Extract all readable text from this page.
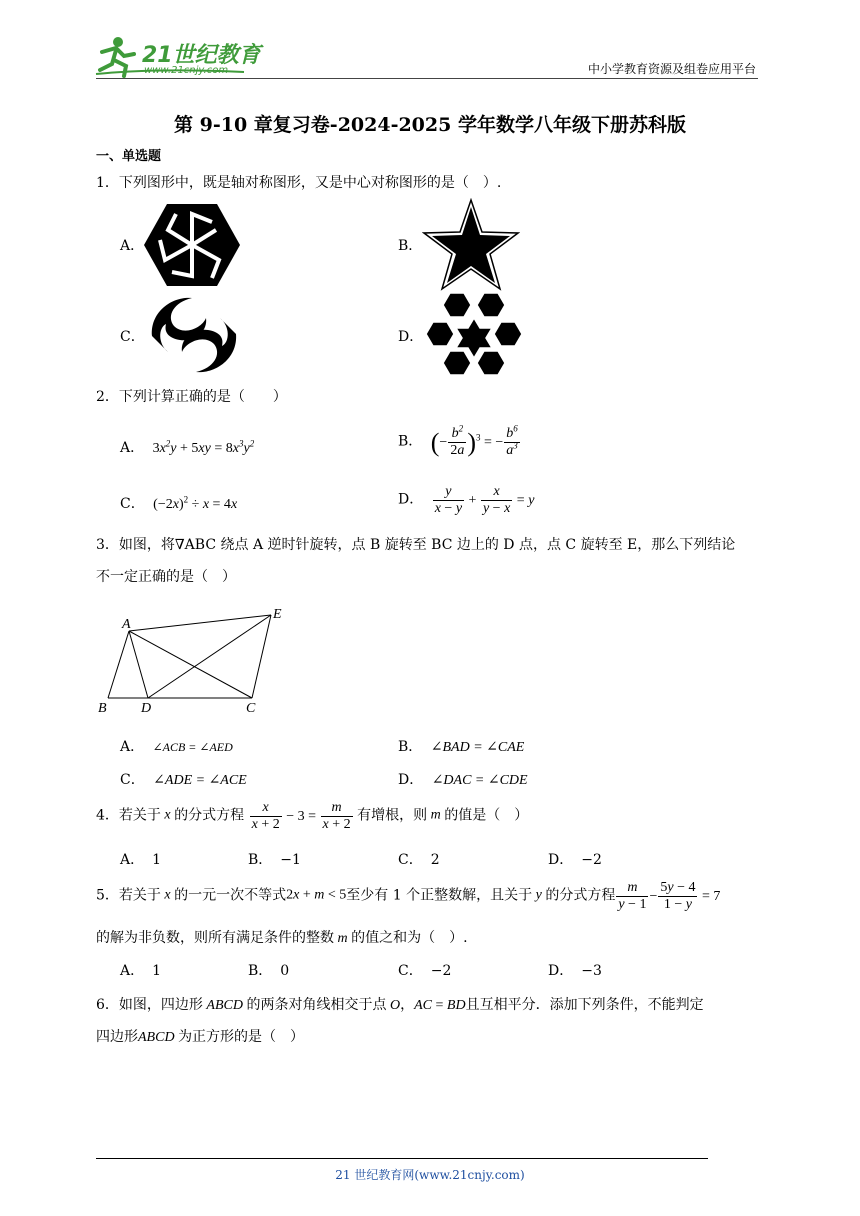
21世纪教育
www.21cnjy.com	中小学教育资源及组卷应用平台
第 9-10 章复习卷-2024-2025 学年数学八年级下册苏科版
一、单选题
1．下列图形中，既是轴对称图形，又是中心对称图形的是（　）.
A．	B．
C．	D．
2．下列计算正确的是（　　）
A． $3x^2y + 5xy = 8x^3y^2$	B． (− $\frac{b^2}{2a} )^3$ = − $\frac{b^6}{a^3}$
C． $(-2x)^2 \div x = 4x$	D． $\frac{y}{x - y} + \frac{x}{y - x} = y$
3．如图，将∇ABC 绕点 A 逆时针旋转，点 B 旋转至 BC 边上的 D 点，点 C 旋转至 E，那么下列结论
不一定正确的是（　）
A
E
B D	C
A． ∠ACB = ∠AED	B． ∠BAD = ∠CAE
C． ∠ADE = ∠ACE	D． ∠DAC = ∠CDE
4．若关于 x 的分式方程 $\frac{x}{x + 2} - 3 = \frac{m}{x + 2}$ 有增根，则 m 的值是（　）
A． 1	B． −1	C． 2	D． −2
5．若关于 x 的一元一次不等式2x + m < 5至少有 1 个正整数解，且关于 y 的分式方程 $\frac{m}{y - 1} - \frac{5y - 4}{1 - y} = 7$
的解为非负数，则所有满足条件的整数 m 的值之和为（　）.
A． 1	B． 0	C． −2	D． −3
6．如图，四边形 ABCD 的两条对角线相交于点 O，AC = BD且互相平分．添加下列条件，不能判定
四边形ABCD 为正方形的是（　）
21 世纪教育网(www.21cnjy.com)
